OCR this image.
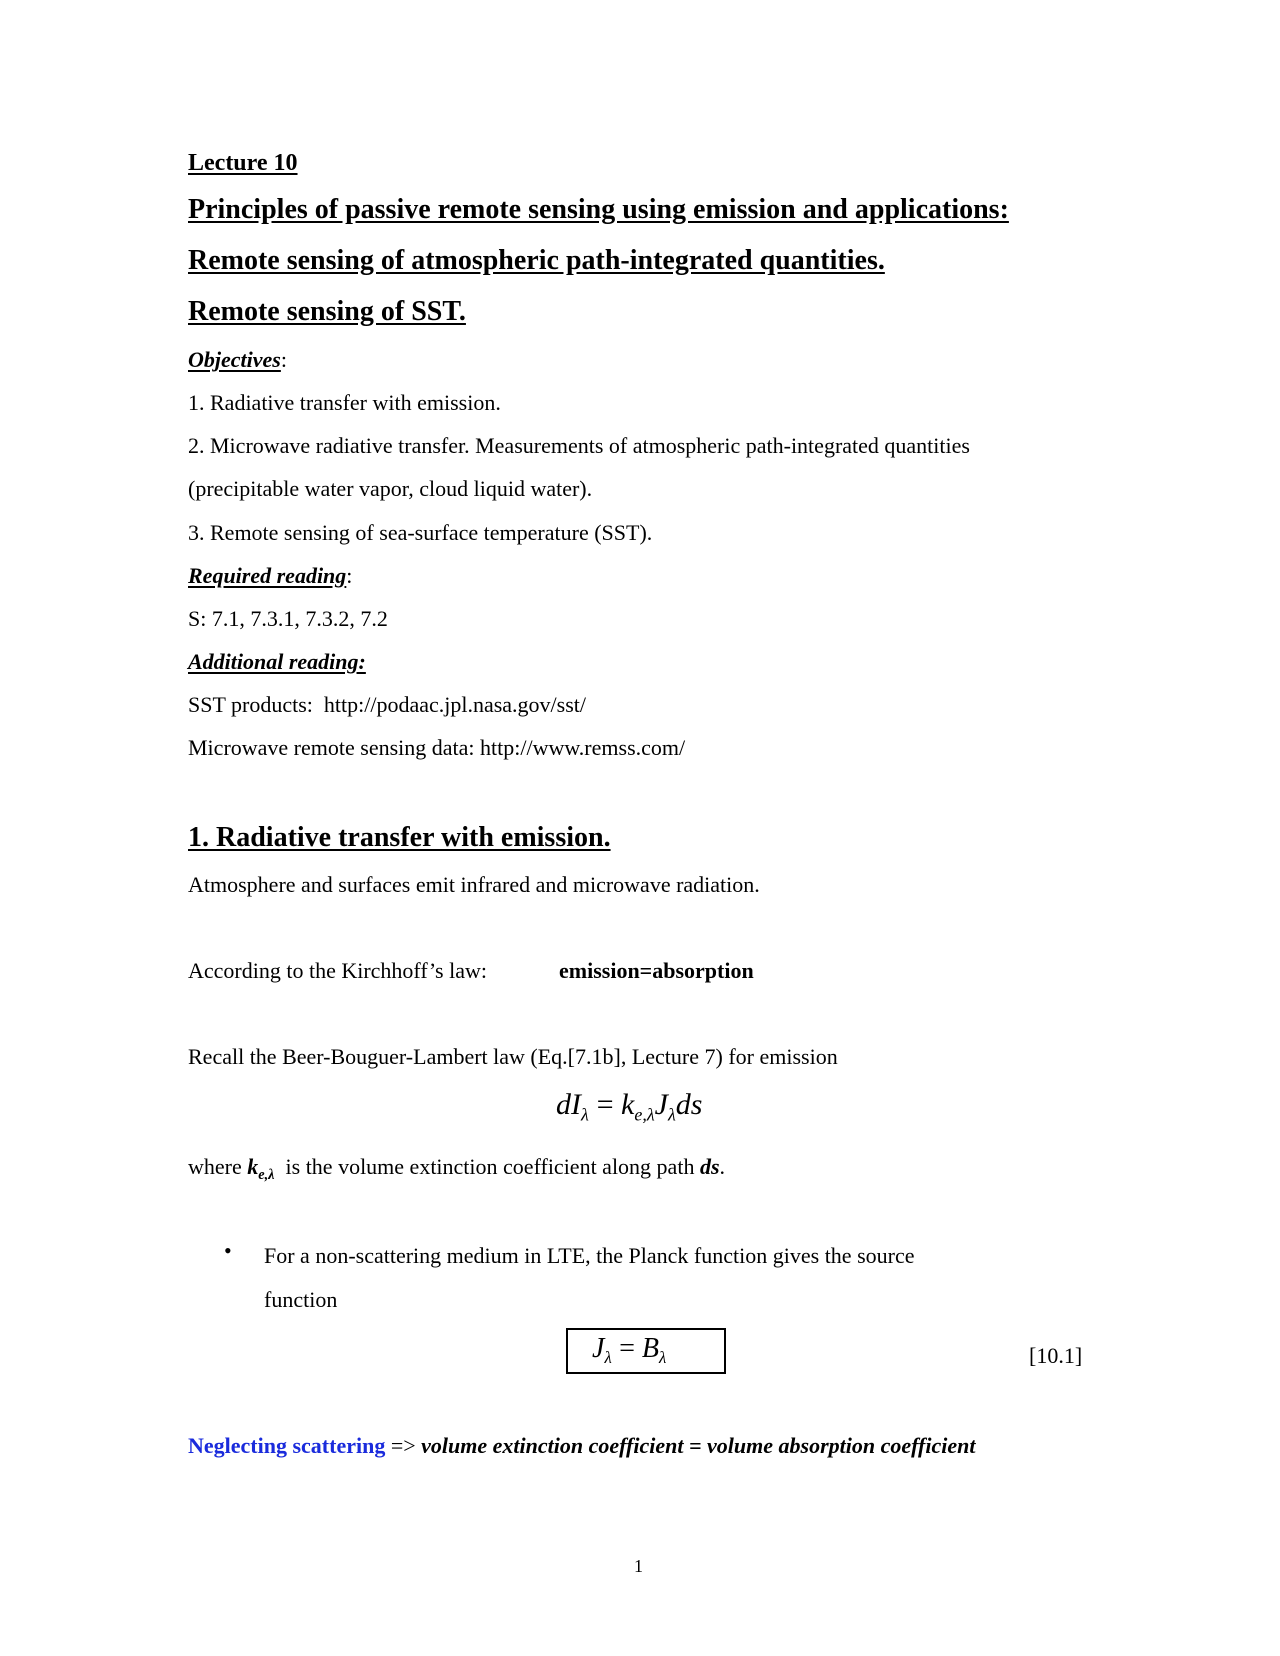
Lecture 10
Principles of passive remote sensing using emission and applications:
Remote sensing of atmospheric path-integrated quantities.
Remote sensing of SST.
Objectives:
1. Radiative transfer with emission.
2. Microwave radiative transfer. Measurements of atmospheric path-integrated quantities
(precipitable water vapor, cloud liquid water).
3. Remote sensing of sea-surface temperature (SST).
Required reading:
S: 7.1, 7.3.1, 7.3.2, 7.2
Additional reading:
SST products: http://podaac.jpl.nasa.gov/sst/
Microwave remote sensing data: http://www.remss.com/
1. Radiative transfer with emission.
Atmosphere and surfaces emit infrared and microwave radiation.
According to the Kirchhoff’s law:	emission=absorption
Recall the Beer-Bouguer-Lambert law (Eq.[7.1b], Lecture 7) for emission
$dI_\lambda = k_{e,\lambda}J_\lambda ds$
where $k_{e,\lambda}$ is the volume extinction coefficient along path ds.
• For a non-scattering medium in LTE, the Planck function gives the source
function
$J_\lambda = B_\lambda$	[10.1]
Neglecting scattering => volume extinction coefficient = volume absorption coefficient
1
